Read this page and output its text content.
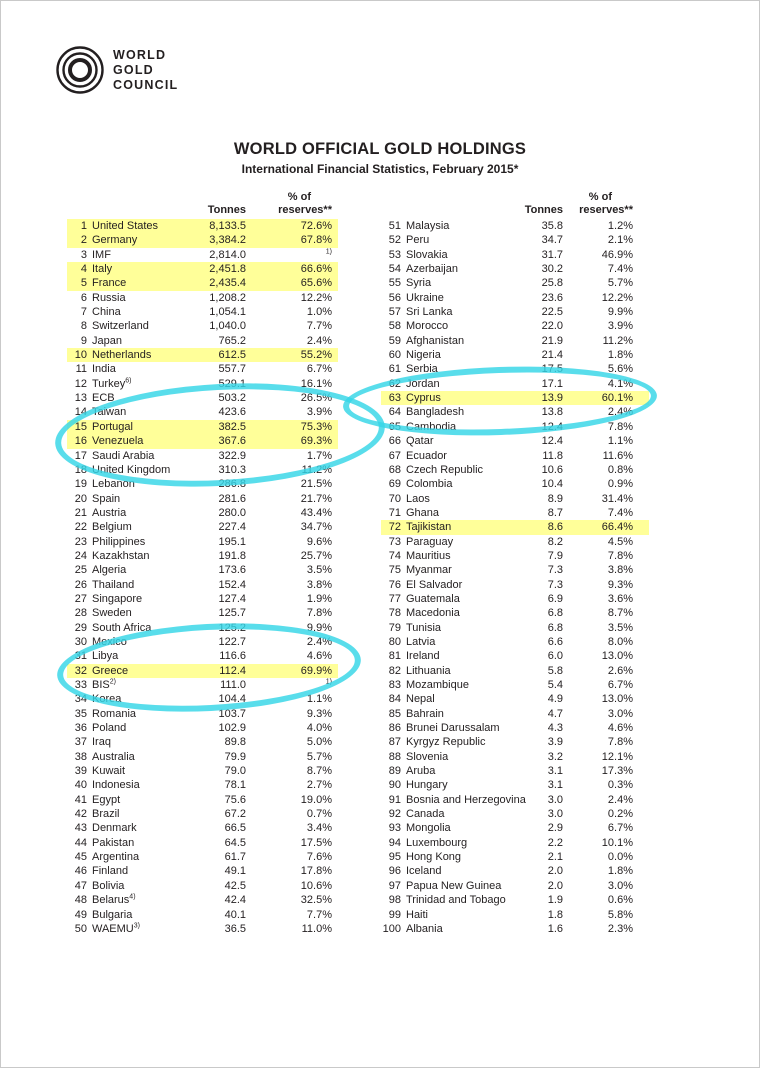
WORLD
GOLD
COUNCIL
WORLD OFFICIAL GOLD HOLDINGS
International Financial Statistics, February 2015*
Tonnes
% of
reserves**
1 United States	8,133.5	72.6%
2 Germany	3,384.2	67.8%
3 IMF	2,814.0	$^{1)}$
4 Italy	2,451.8	66.6%
5 France	2,435.4	65.6%
6 Russia	1,208.2	12.2%
7 China	1,054.1	1.0%
8 Switzerland	1,040.0	7.7%
9 Japan	765.2	2.4%
10 Netherlands	612.5	55.2%
11 India	557.7	6.7%
12 Turkey$^{6)}$	529.1	16.1%
13 ECB	503.2	26.5%
14 Taiwan	423.6	3.9%
15 Portugal	382.5	75.3%
16 Venezuela	367.6	69.3%
17 Saudi Arabia	322.9	1.7%
18 United Kingdom	310.3	11.2%
19 Lebanon	286.8	21.5%
20 Spain	281.6	21.7%
21 Austria	280.0	43.4%
22 Belgium	227.4	34.7%
23 Philippines	195.1	9.6%
24 Kazakhstan	191.8	25.7%
25 Algeria	173.6	3.5%
26 Thailand	152.4	3.8%
27 Singapore	127.4	1.9%
28 Sweden	125.7	7.8%
29 South Africa	125.2	9.9%
30 Mexico	122.7	2.4%
31 Libya	116.6	4.6%
32 Greece	112.4	69.9%
33 BIS$^{2)}$	111.0	$^{1)}$
34 Korea	104.4	1.1%
35 Romania	103.7	9.3%
36 Poland	102.9	4.0%
37 Iraq	89.8	5.0%
38 Australia	79.9	5.7%
39 Kuwait	79.0	8.7%
40 Indonesia	78.1	2.7%
41 Egypt	75.6	19.0%
42 Brazil	67.2	0.7%
43 Denmark	66.5	3.4%
44 Pakistan	64.5	17.5%
45 Argentina	61.7	7.6%
46 Finland	49.1	17.8%
47 Bolivia	42.5	10.6%
48 Belarus$^{4)}$	42.4	32.5%
49 Bulgaria	40.1	7.7%
50 WAEMU$^{3)}$	36.5	11.0%
Tonnes
% of
reserves**
51 Malaysia	35.8	1.2%
52 Peru	34.7	2.1%
53 Slovakia	31.7	46.9%
54 Azerbaijan	30.2	7.4%
55 Syria	25.8	5.7%
56 Ukraine	23.6	12.2%
57 Sri Lanka	22.5	9.9%
58 Morocco	22.0	3.9%
59 Afghanistan	21.9	11.2%
60 Nigeria	21.4	1.8%
61 Serbia	17.5	5.6%
62 Jordan	17.1	4.1%
63 Cyprus	13.9	60.1%
64 Bangladesh	13.8	2.4%
65 Cambodia	12.4	7.8%
66 Qatar	12.4	1.1%
67 Ecuador	11.8	11.6%
68 Czech Republic	10.6	0.8%
69 Colombia	10.4	0.9%
70 Laos	8.9	31.4%
71 Ghana	8.7	7.4%
72 Tajikistan	8.6	66.4%
73 Paraguay	8.2	4.5%
74 Mauritius	7.9	7.8%
75 Myanmar	7.3	3.8%
76 El Salvador	7.3	9.3%
77 Guatemala	6.9	3.6%
78 Macedonia	6.8	8.7%
79 Tunisia	6.8	3.5%
80 Latvia	6.6	8.0%
81 Ireland	6.0	13.0%
82 Lithuania	5.8	2.6%
83 Mozambique	5.4	6.7%
84 Nepal	4.9	13.0%
85 Bahrain	4.7	3.0%
86 Brunei Darussalam	4.3	4.6%
87 Kyrgyz Republic	3.9	7.8%
88 Slovenia	3.2	12.1%
89 Aruba	3.1	17.3%
90 Hungary	3.1	0.3%
91 Bosnia and Herzegovina	3.0	2.4%
92 Canada	3.0	0.2%
93 Mongolia	2.9	6.7%
94 Luxembourg	2.2	10.1%
95 Hong Kong	2.1	0.0%
96 Iceland	2.0	1.8%
97 Papua New Guinea	2.0	3.0%
98 Trinidad and Tobago	1.9	0.6%
99 Haiti	1.8	5.8%
100 Albania	1.6	2.3%
